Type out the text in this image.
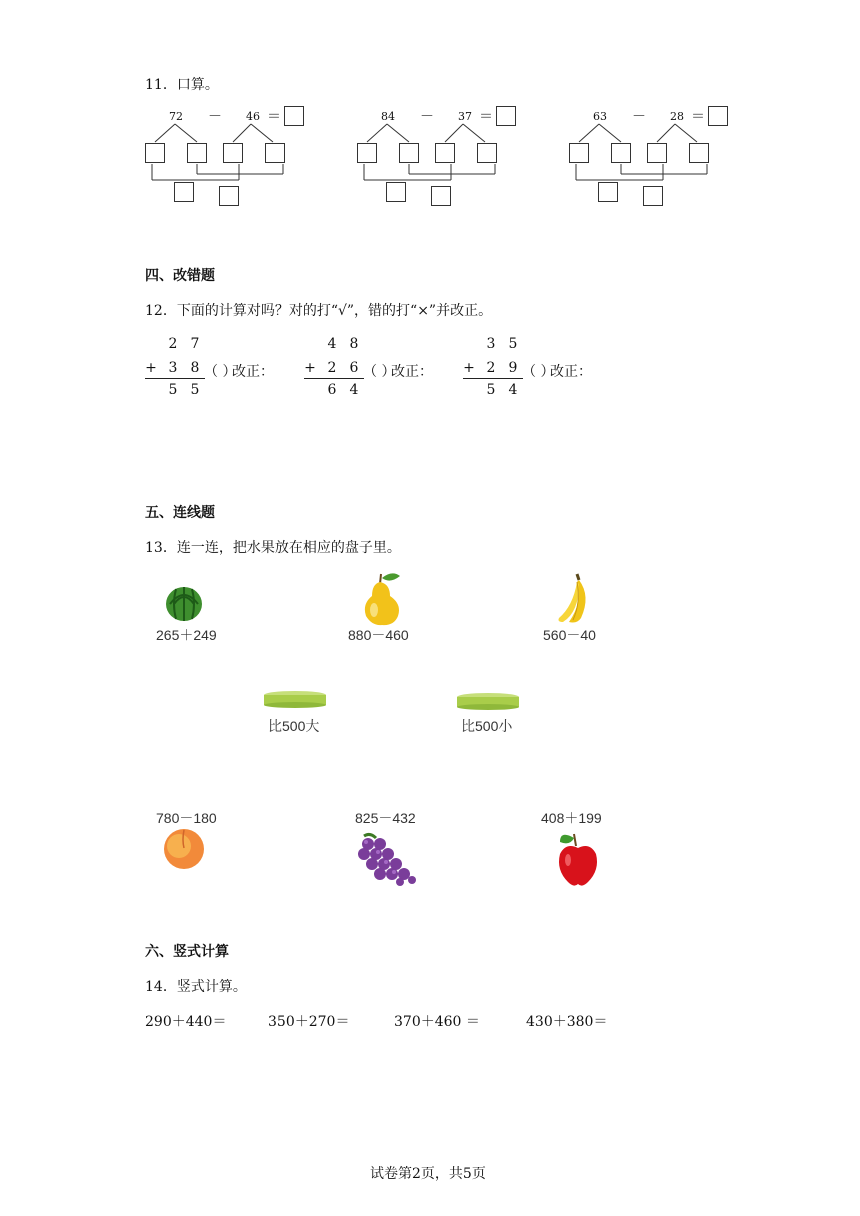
11．口算。
72 － 46 ＝	84 － 37 ＝	63 － 28 ＝
四、改错题
12．下面的计算对吗？对的打“√”，错的打“×”并改正。
2 7
+ 3 8
5 5
（ ）
改正：
4 8
+ 2 6
6 4
（ ）
改正：
3 5
+ 2 9
5 4
（ ）
改正：
五、连线题
13．连一连，把水果放在相应的盘子里。
265＋249	880－460	560－40
比500大	比500小
780－180	825－432	408＋199
六、竖式计算
14．竖式计算。
290＋440＝	350＋270＝	370＋460 ＝	430＋380＝
试卷第2页，共5页
